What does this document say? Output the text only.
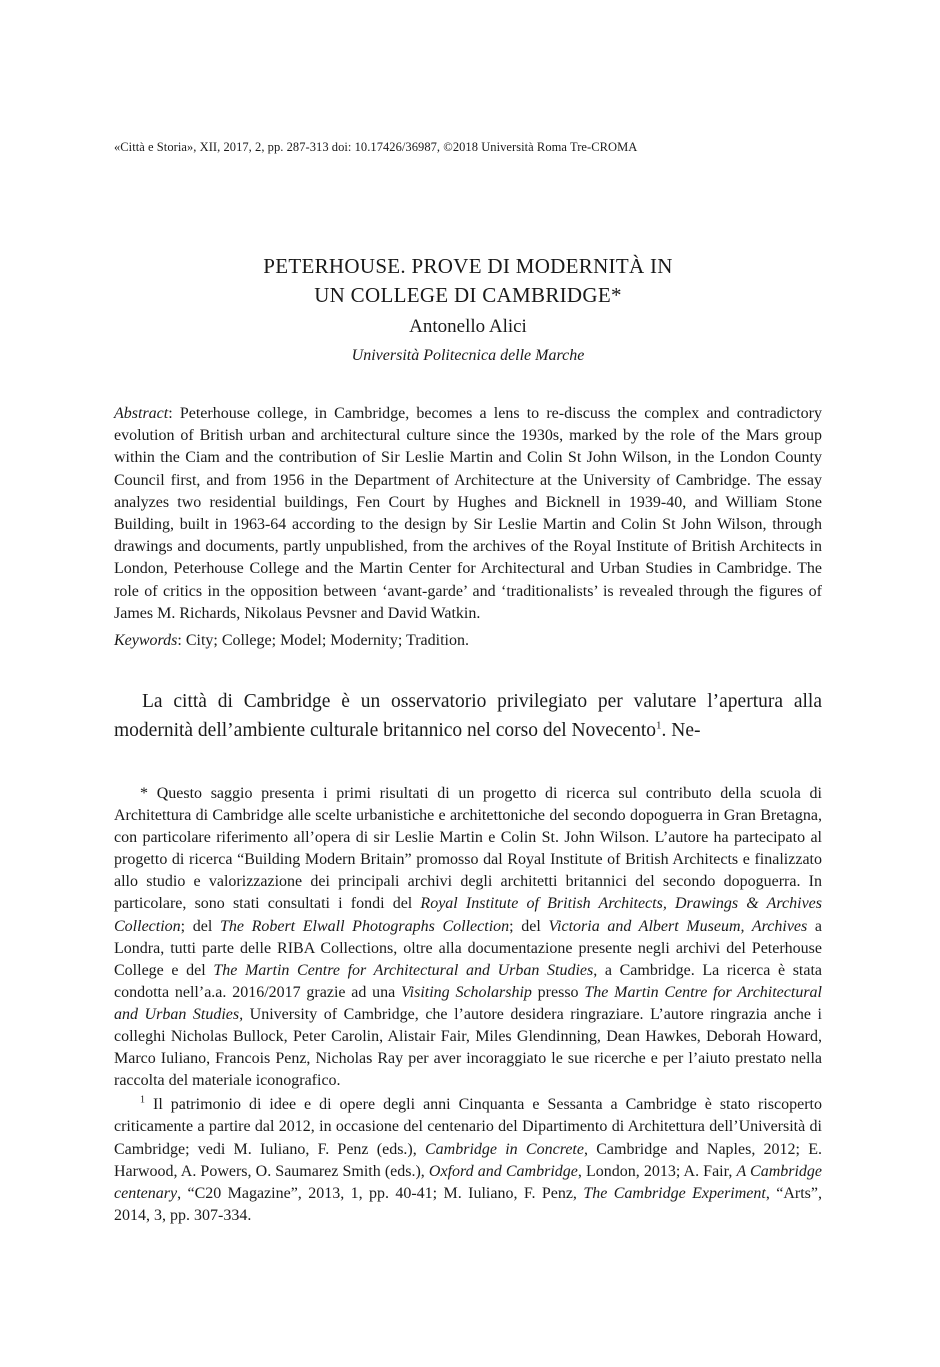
«Città e Storia», XII, 2017, 2, pp. 287-313 doi: 10.17426/36987, ©2018 Università Roma Tre-CROMA
PETERHOUSE. PROVE DI MODERNITÀ IN
UN COLLEGE DI CAMBRIDGE*
Antonello Alici
Università Politecnica delle Marche
Abstract: Peterhouse college, in Cambridge, becomes a lens to re-discuss the complex and contradictory evolution of British urban and architectural culture since the 1930s, marked by the role of the Mars group within the Ciam and the contribution of Sir Leslie Martin and Colin St John Wilson, in the London County Council first, and from 1956 in the Department of Architecture at the University of Cambridge. The essay analyzes two residential buildings, Fen Court by Hughes and Bicknell in 1939-40, and William Stone Building, built in 1963-64 according to the design by Sir Leslie Martin and Colin St John Wilson, through drawings and documents, partly unpublished, from the archives of the Royal Institute of British Architects in London, Peterhouse College and the Martin Center for Architectural and Urban Studies in Cambridge. The role of critics in the opposition between ‘avant-garde’ and ‘traditionalists’ is revealed through the figures of James M. Richards, Nikolaus Pevsner and David Watkin.
Keywords: City; College; Model; Modernity; Tradition.
La città di Cambridge è un osservatorio privilegiato per valutare l’apertura alla modernità dell’ambiente culturale britannico nel corso del Novecento$^1$. Ne-

* Questo saggio presenta i primi risultati di un progetto di ricerca sul contributo della scuola di Architettura di Cambridge alle scelte urbanistiche e architettoniche del secondo dopoguerra in Gran Bretagna, con particolare riferimento all’opera di sir Leslie Martin e Colin St. John Wilson. L’autore ha partecipato al progetto di ricerca “Building Modern Britain” promosso dal Royal Institute of British Architects e finalizzato allo studio e valorizzazione dei principali archivi degli architetti britannici del secondo dopoguerra. In particolare, sono stati consultati i fondi del Royal Institute of British Architects, Drawings & Archives Collection; del The Robert Elwall Photographs Collection; del Victoria and Albert Museum, Archives a Londra, tutti parte delle RIBA Collections, oltre alla documentazione presente negli archivi del Peterhouse College e del The Martin Centre for Architectural and Urban Studies, a Cambridge. La ricerca è stata condotta nell’a.a. 2016/2017 grazie ad una Visiting Scholarship presso The Martin Centre for Architectural and Urban Studies, University of Cambridge, che l’autore desidera ringraziare. L’autore ringrazia anche i colleghi Nicholas Bullock, Peter Carolin, Alistair Fair, Miles Glendinning, Dean Hawkes, Deborah Howard, Marco Iuliano, Francois Penz, Nicholas Ray per aver incoraggiato le sue ricerche e per l’aiuto prestato nella raccolta del materiale iconografico.

$^1$ Il patrimonio di idee e di opere degli anni Cinquanta e Sessanta a Cambridge è stato riscoperto criticamente a partire dal 2012, in occasione del centenario del Dipartimento di Architettura dell’Università di Cambridge; vedi M. Iuliano, F. Penz (eds.), Cambridge in Concrete, Cambridge and Naples, 2012; E. Harwood, A. Powers, O. Saumarez Smith (eds.), Oxford and Cambridge, London, 2013; A. Fair, A Cambridge centenary, “C20 Magazine”, 2013, 1, pp. 40-41; M. Iuliano, F. Penz, The Cambridge Experiment, “Arts”, 2014, 3, pp. 307-334.
